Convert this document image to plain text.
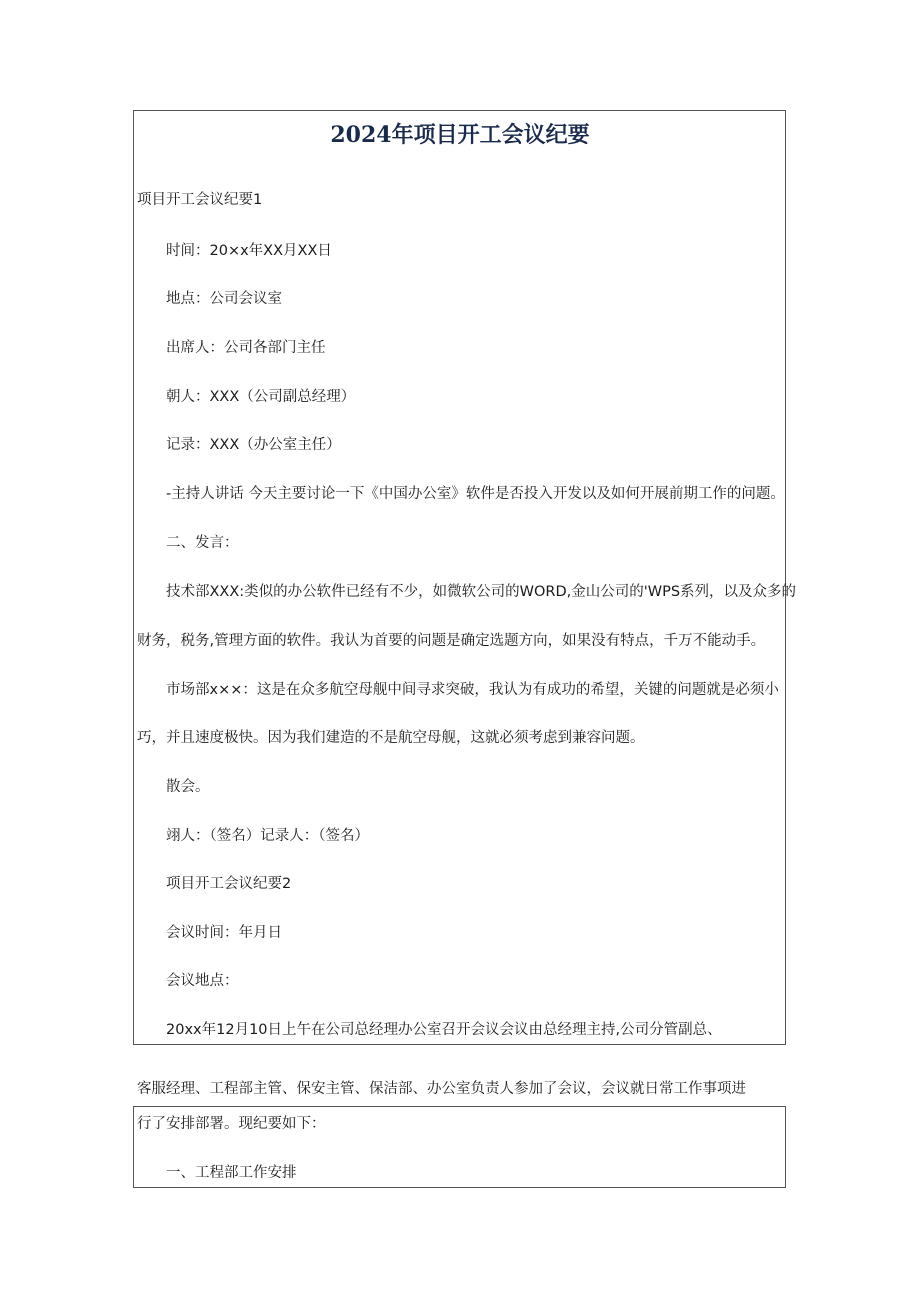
2024年项目开工会议纪要
项目开工会议纪要1
时间：20×x年XX月XX日
地点：公司会议室
出席人：公司各部门主任
朝人：XXX（公司副总经理）
记录：XXX（办公室主任）
-主持人讲话 今天主要讨论一下《中国办公室》软件是否投入开发以及如何开展前期工作的问题。
二、发言：
技术部XXX:类似的办公软件已经有不少，如微软公司的WORD,金山公司的'WPS系列，以及众多的
财务，税务,管理方面的软件。我认为首要的问题是确定选题方向，如果没有特点，千万不能动手。
市场部x××：这是在众多航空母舰中间寻求突破，我认为有成功的希望，关键的问题就是必须小
巧，并且速度极快。因为我们建造的不是航空母舰，这就必须考虑到兼容问题。
散会。
翊人：（签名）记录人：（签名）
项目开工会议纪要2
会议时间：年月日
会议地点：
20xx年12月10日上午在公司总经理办公室召开会议会议由总经理主持,公司分管副总、
客服经理、工程部主管、保安主管、保洁部、办公室负责人参加了会议，会议就日常工作事项进
行了安排部署。现纪要如下：
一、工程部工作安排
